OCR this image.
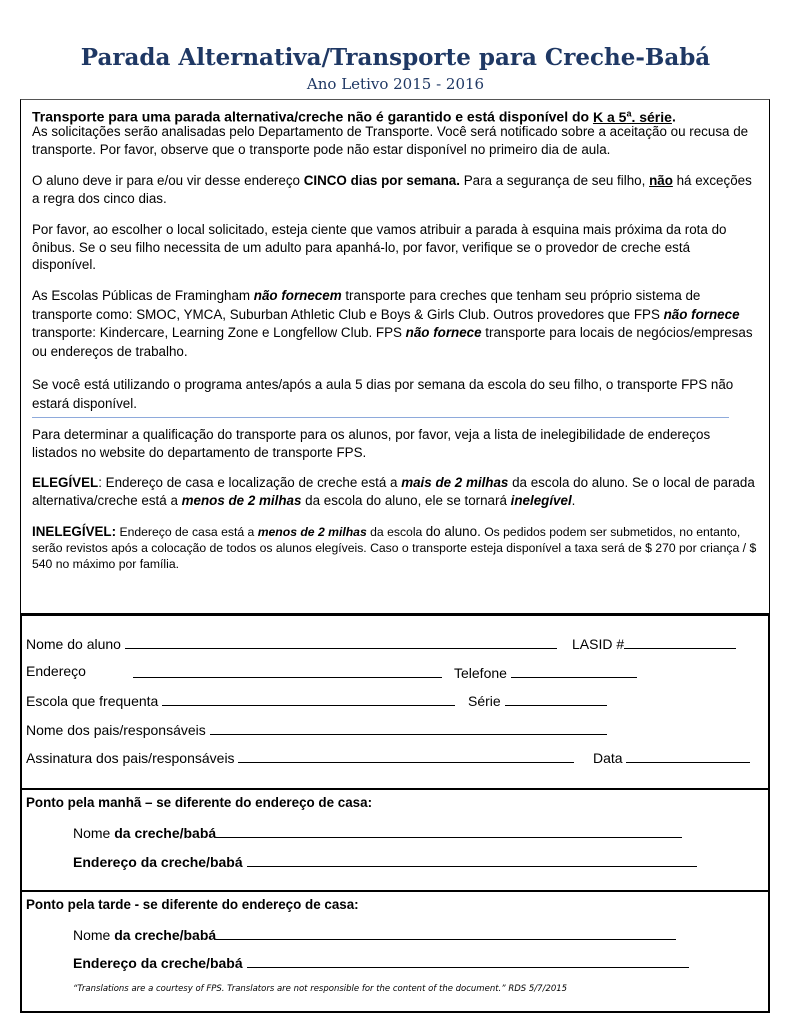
Parada Alternativa/Transporte para Creche-Babá
Ano Letivo 2015 - 2016
Transporte para uma parada alternativa/creche não é garantido e está disponível do K a 5$^a$. série.
As solicitações serão analisadas pelo Departamento de Transporte. Você será notificado sobre a aceitação ou recusa de transporte. Por favor, observe que o transporte pode não estar disponível no primeiro dia de aula.
O aluno deve ir para e/ou vir desse endereço CINCO dias por semana. Para a segurança de seu filho, não há exceções a regra dos cinco dias.
Por favor, ao escolher o local solicitado, esteja ciente que vamos atribuir a parada à esquina mais próxima da rota do ônibus. Se o seu filho necessita de um adulto para apanhá-lo, por favor, verifique se o provedor de creche está disponível.
As Escolas Públicas de Framingham não fornecem transporte para creches que tenham seu próprio sistema de transporte como: SMOC, YMCA, Suburban Athletic Club e Boys & Girls Club. Outros provedores que FPS não fornece transporte: Kindercare, Learning Zone e Longfellow Club. FPS não fornece transporte para locais de negócios/empresas ou endereços de trabalho.
Se você está utilizando o programa antes/após a aula 5 dias por semana da escola do seu filho, o transporte FPS não estará disponível.
Para determinar a qualificação do transporte para os alunos, por favor, veja a lista de inelegibilidade de endereços listados no website do departamento de transporte FPS.
ELEGÍVEL: Endereço de casa e localização de creche está a mais de 2 milhas da escola do aluno. Se o local de parada alternativa/creche está a menos de 2 milhas da escola do aluno, ele se tornará inelegível.
INELEGÍVEL: Endereço de casa está a menos de 2 milhas da escola do aluno. Os pedidos podem ser submetidos, no entanto, serão revistos após a colocação de todos os alunos elegíveis. Caso o transporte esteja disponível a taxa será de $ 270 por criança / $ 540 no máximo por família.
Nome do aluno	LASID #
Endereço	Telefone
Escola que frequenta	Série
Nome dos pais/responsáveis
Assinatura dos pais/responsáveis	Data
Ponto pela manhã – se diferente do endereço de casa:
Nome da creche/babá
Endereço da creche/babá
Ponto pela tarde - se diferente do endereço de casa:
Nome da creche/babá
Endereço da creche/babá
“Translations are a courtesy of FPS. Translators are not responsible for the content of the document.” RDS 5/7/2015
